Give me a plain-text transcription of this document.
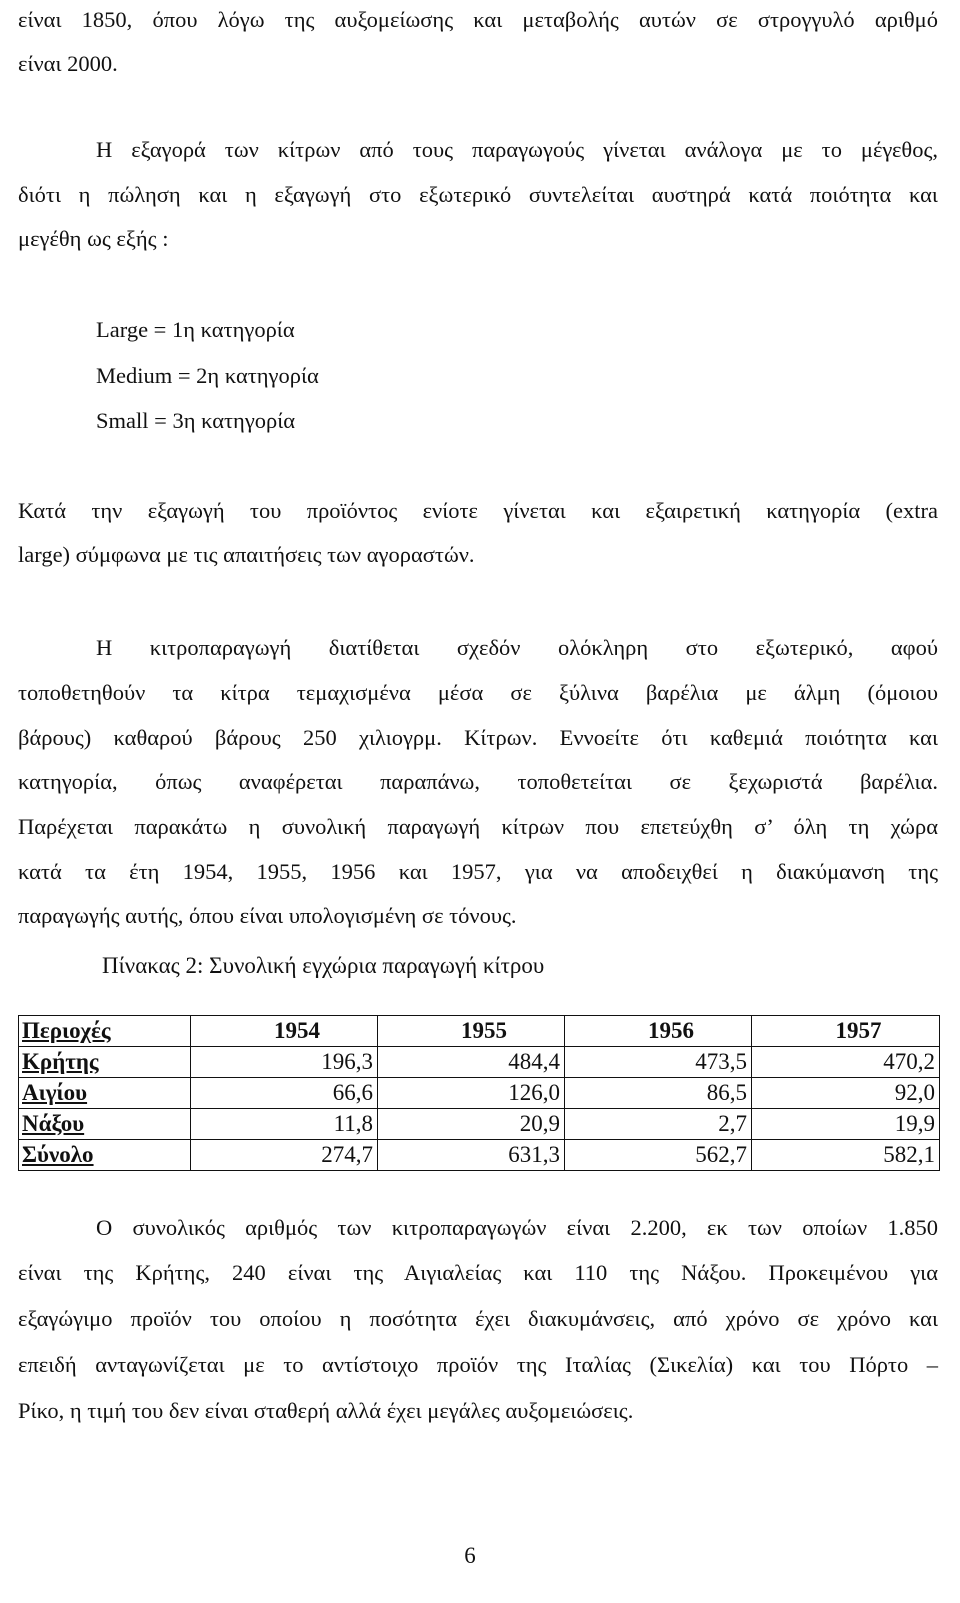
είναι 1850, όπου λόγω της αυξομείωσης και μεταβολής αυτών σε στρογγυλό αριθμό
είναι 2000.
Η εξαγορά των κίτρων από τους παραγωγούς γίνεται ανάλογα με το μέγεθος,
διότι η πώληση και η εξαγωγή στο εξωτερικό συντελείται αυστηρά κατά ποιότητα και
μεγέθη ως εξής :
Large = 1η κατηγορία
Medium = 2η κατηγορία
Small = 3η κατηγορία
Κατά την εξαγωγή του προϊόντος ενίοτε γίνεται και εξαιρετική κατηγορία (extra
large) σύμφωνα με τις απαιτήσεις των αγοραστών.
Η κιτροπαραγωγή διατίθεται σχεδόν ολόκληρη στο εξωτερικό, αφού
τοποθετηθούν τα κίτρα τεμαχισμένα μέσα σε ξύλινα βαρέλια με άλμη (όμοιου
βάρους) καθαρού βάρους 250 χιλιογρμ. Κίτρων. Εννοείτε ότι καθεμιά ποιότητα και
κατηγορία, όπως αναφέρεται παραπάνω, τοποθετείται σε ξεχωριστά βαρέλια.
Παρέχεται παρακάτω η συνολική παραγωγή κίτρων που επετεύχθη σ’ όλη τη χώρα
κατά τα έτη 1954, 1955, 1956 και 1957, για να αποδειχθεί η διακύμανση της
παραγωγής αυτής, όπου είναι υπολογισμένη σε τόνους.
Πίνακας 2: Συνολική εγχώρια παραγωγή κίτρου
Περιοχές	1954	1955	1956	1957
Κρήτης	196,3	484,4	473,5	470,2
Αιγίου	66,6	126,0	86,5	92,0
Νάξου	11,8	20,9	2,7	19,9
Σύνολο	274,7	631,3	562,7	582,1
Ο συνολικός αριθμός των κιτροπαραγωγών είναι 2.200, εκ των οποίων 1.850
είναι της Κρήτης, 240 είναι της Αιγιαλείας και 110 της Νάξου. Προκειμένου για
εξαγώγιμο προϊόν του οποίου η ποσότητα έχει διακυμάνσεις, από χρόνο σε χρόνο και
επειδή ανταγωνίζεται με το αντίστοιχο προϊόν της Ιταλίας (Σικελία) και του Πόρτο –
Ρίκο, η τιμή του δεν είναι σταθερή αλλά έχει μεγάλες αυξομειώσεις.
6
